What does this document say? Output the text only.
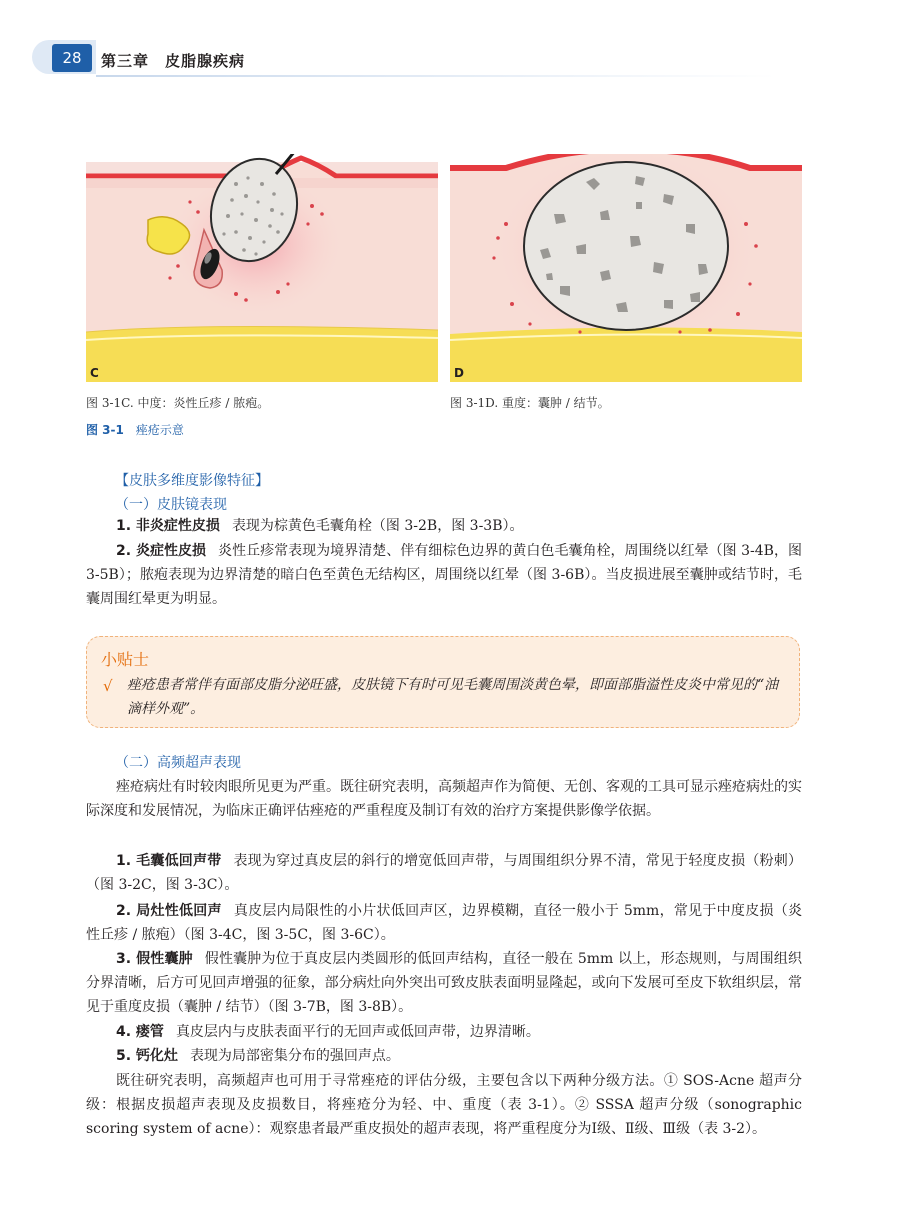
28	第三章　皮脂腺疾病
C	D
图 3-1C. 中度：炎性丘疹 / 脓疱。	图 3-1D. 重度：囊肿 / 结节。
图 3-1 痤疮示意
【皮肤多维度影像特征】
（一）皮肤镜表现
1. 非炎症性皮损 表现为棕黄色毛囊角栓（图 3-2B，图 3-3B）。
2. 炎症性皮损 炎性丘疹常表现为境界清楚、伴有细棕色边界的黄白色毛囊角栓，周围绕以红晕（图 3-4B，图 3-5B）；脓疱表现为边界清楚的暗白色至黄色无结构区，周围绕以红晕（图 3-6B）。当皮损进展至囊肿或结节时，毛囊周围红晕更为明显。
小贴士
√ 痤疮患者常伴有面部皮脂分泌旺盛，皮肤镜下有时可见毛囊周围淡黄色晕，即面部脂溢性皮炎中常见的“油滴样外观”。
（二）高频超声表现
痤疮病灶有时较肉眼所见更为严重。既往研究表明，高频超声作为简便、无创、客观的工具可显示痤疮病灶的实际深度和发展情况，为临床正确评估痤疮的严重程度及制订有效的治疗方案提供影像学依据。
1. 毛囊低回声带 表现为穿过真皮层的斜行的增宽低回声带，与周围组织分界不清，常见于轻度皮损（粉刺）（图 3-2C，图 3-3C）。
2. 局灶性低回声 真皮层内局限性的小片状低回声区，边界模糊，直径一般小于 5mm，常见于中度皮损（炎性丘疹 / 脓疱）（图 3-4C，图 3-5C，图 3-6C）。
3. 假性囊肿 假性囊肿为位于真皮层内类圆形的低回声结构，直径一般在 5mm 以上，形态规则，与周围组织分界清晰，后方可见回声增强的征象，部分病灶向外突出可致皮肤表面明显隆起，或向下发展可至皮下软组织层，常见于重度皮损（囊肿 / 结节）（图 3-7B，图 3-8B）。
4. 瘘管 真皮层内与皮肤表面平行的无回声或低回声带，边界清晰。
5. 钙化灶 表现为局部密集分布的强回声点。
既往研究表明，高频超声也可用于寻常痤疮的评估分级，主要包含以下两种分级方法。① SOS-Acne 超声分级：根据皮损超声表现及皮损数目，将痤疮分为轻、中、重度（表 3-1）。② SSSA 超声分级（sonographic scoring system of acne）：观察患者最严重皮损处的超声表现，将严重程度分为Ⅰ级、Ⅱ级、Ⅲ级（表 3-2）。
